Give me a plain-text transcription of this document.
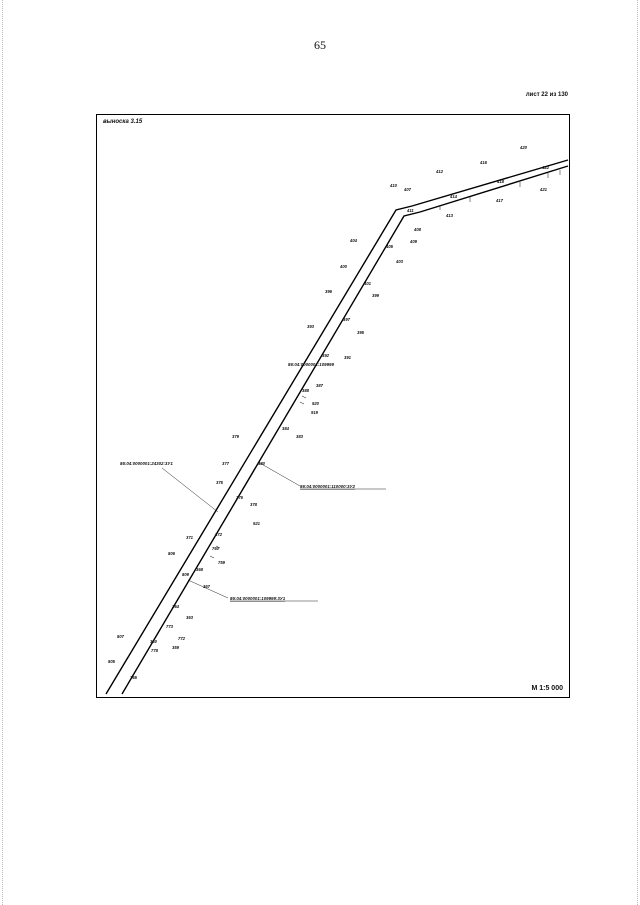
65
лист 22 из 130
выноска 3.15
M 1:5 000
420
416
422
412
418
421
410
407
414
417
411
413
408
409
404
405
403
400
401
396
399
393
397
395
392	391
388
387
920
919
384
383
379
380
377
376
378
375
921
371
372
760
759
806
368
809
367
364
363
773
772
807
360
778
359
805
765
86:04:0000001:24302:3У1
86:04:0000001:110000:3У2
86:04:0000001:109999
86:04:0000001:109999:3У1
